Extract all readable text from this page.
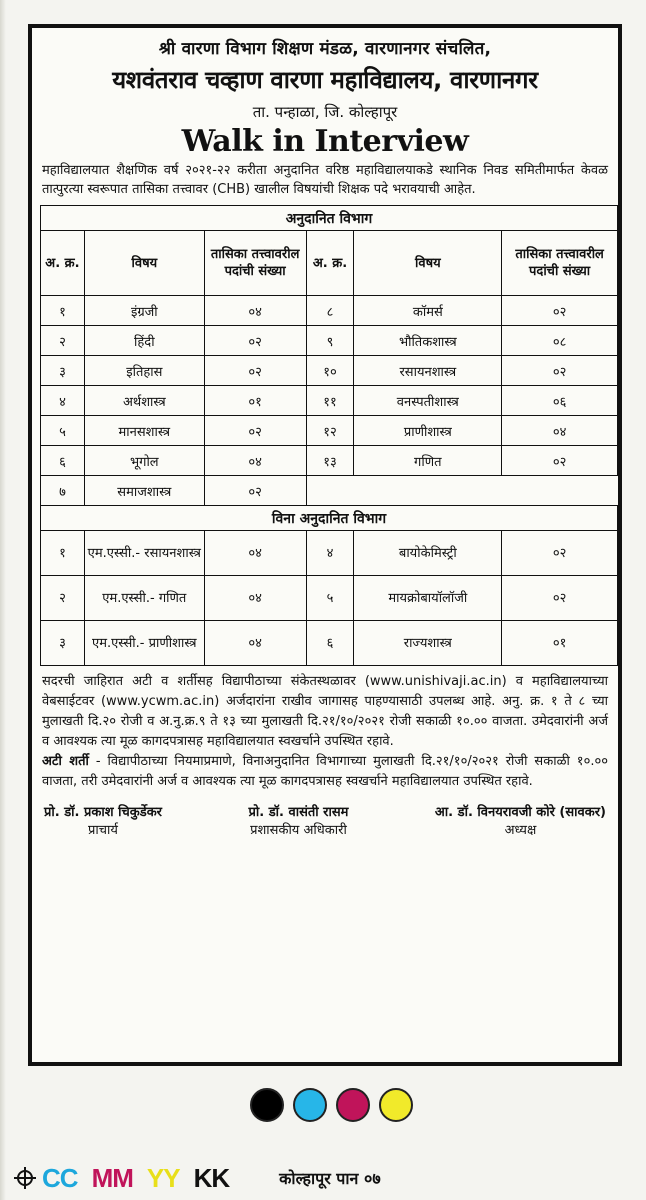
श्री वारणा विभाग शिक्षण मंडळ, वारणानगर संचलित,
यशवंतराव चव्हाण वारणा महाविद्यालय, वारणानगर
ता. पन्हाळा, जि. कोल्हापूर
Walk in Interview
महाविद्यालयात शैक्षणिक वर्ष २०२१-२२ करीता अनुदानित वरिष्ठ महाविद्यालयाकडे स्थानिक निवड समितीमार्फत केवळ तात्पुरत्या स्वरूपात तासिका तत्त्वावर (CHB) खालील विषयांची शिक्षक पदे भरावयाची आहेत.
अनुदानित विभाग					
अ. क्र.	विषय	तासिका तत्त्वावरील पदांची संख्या	अ. क्र.	विषय	तासिका तत्त्वावरील पदांची संख्या
१	इंग्रजी	०४	८	कॉमर्स	०२
२	हिंदी	०२	९	भौतिकशास्त्र	०८
३	इतिहास	०२	१०	रसायनशास्त्र	०२
४	अर्थशास्त्र	०१	११	वनस्पतीशास्त्र	०६
५	मानसशास्त्र	०२	१२	प्राणीशास्त्र	०४
६	भूगोल	०४	१३	गणित	०२
७	समाजशास्त्र	०२			
विना अनुदानित विभाग					
१	एम.एस्सी.- रसायनशास्त्र	०४	४	बायोकेमिस्ट्री	०२
२	एम.एस्सी.- गणित	०४	५	मायक्रोबायॉलॉजी	०२
३	एम.एस्सी.- प्राणीशास्त्र	०४	६	राज्यशास्त्र	०१
सदरची जाहिरात अटी व शर्तीसह विद्यापीठाच्या संकेतस्थळावर (www.unishivaji.ac.in) व महाविद्यालयाच्या वेबसाईटवर (www.ycwm.ac.in) अर्जदारांना राखीव जागासह पाहण्यासाठी उपलब्ध आहे. अनु. क्र. १ ते ८ च्या मुलाखती दि.२० रोजी व अ.नु.क्र.९ ते १३ च्या मुलाखती दि.२१/१०/२०२१ रोजी सकाळी १०.०० वाजता. उमेदवारांनी अर्ज व आवश्यक त्या मूळ कागदपत्रासह महाविद्यालयात स्वखर्चाने उपस्थित रहावे.
अटी शर्ती - विद्यापीठाच्या नियमाप्रमाणे, विनाअनुदानित विभागाच्या मुलाखती दि.२१/१०/२०२१ रोजी सकाळी १०.०० वाजता, तरी उमेदवारांनी अर्ज व आवश्यक त्या मूळ कागदपत्रासह स्वखर्चाने महाविद्यालयात उपस्थित रहावे.
प्रो. डॉ. प्रकाश चिकुर्डेकर
प्राचार्य
प्रो. डॉ. वासंती रासम
प्रशासकीय अधिकारी
आ. डॉ. विनयरावजी कोरे (सावकर)
अध्यक्ष
CC MM YY KK	कोल्हापूर पान ०७
